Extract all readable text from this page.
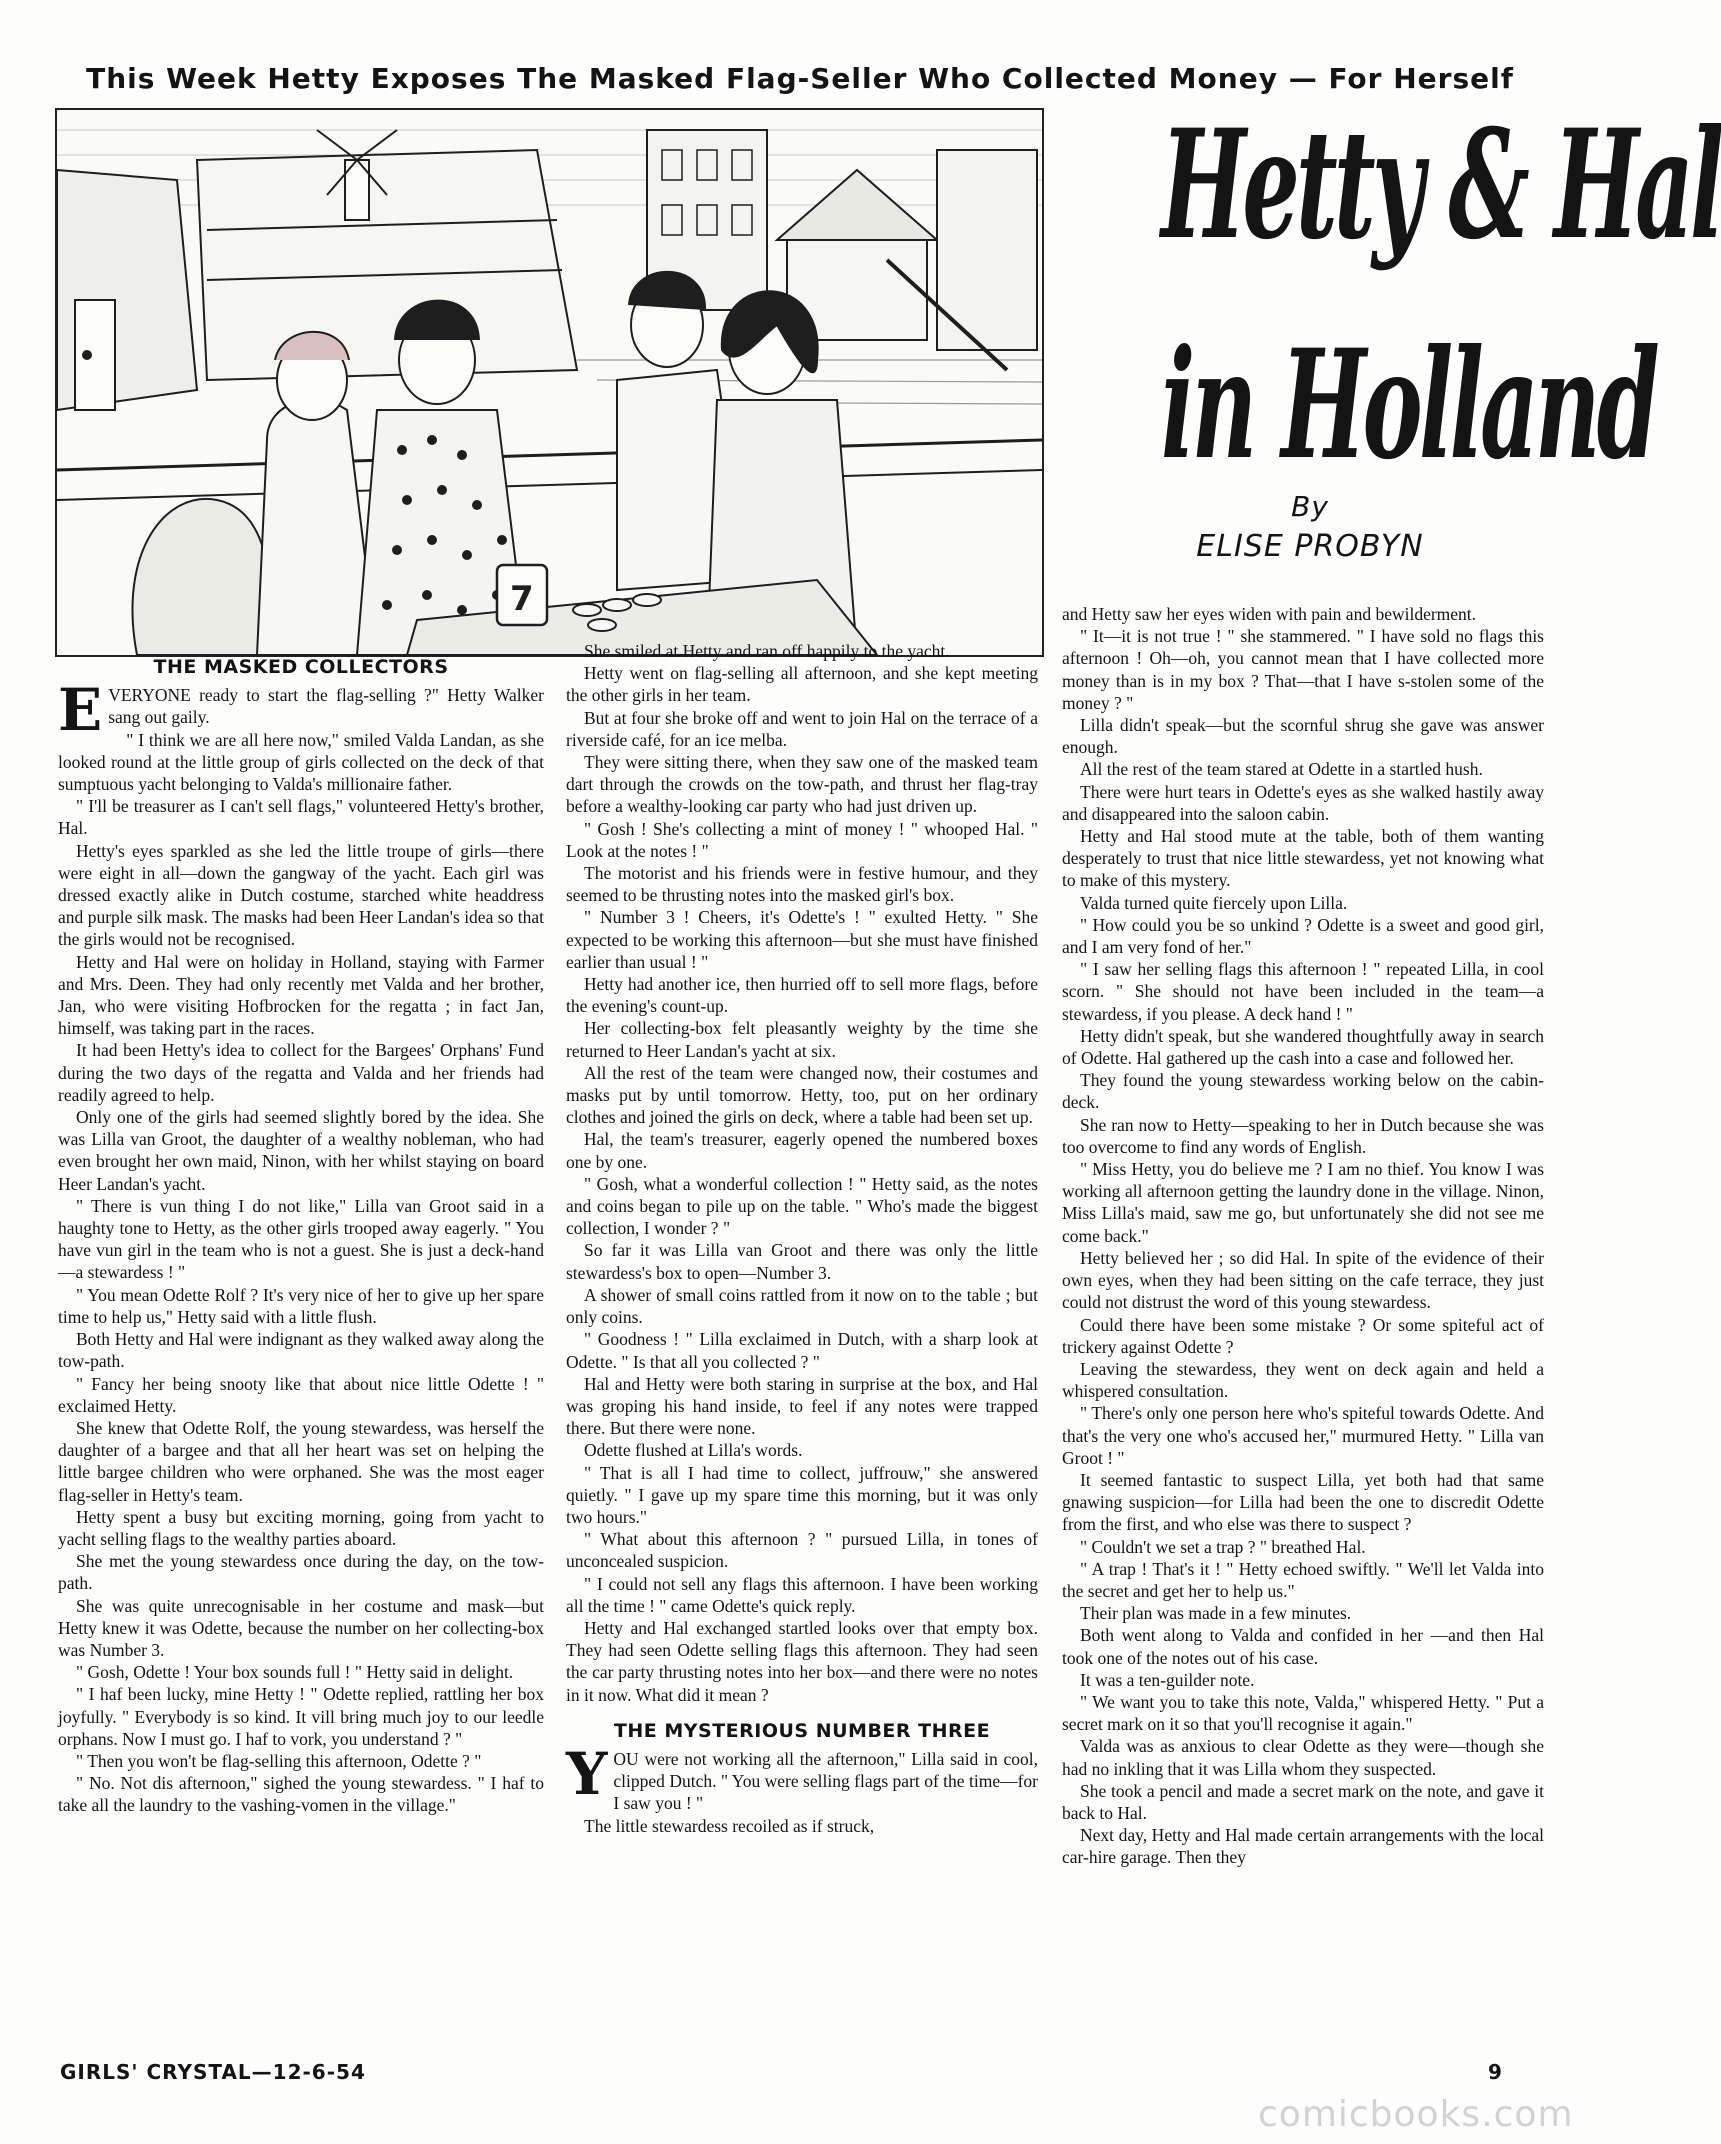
This Week Hetty Exposes The Masked Flag-Seller Who Collected Money — For Herself
7
Hetty & Hal
in Holland
By
ELISE PROBYN
THE MASKED COLLECTORS

EVERYONE ready to start the flag-selling ?" Hetty Walker sang out gaily.

" I think we are all here now," smiled Valda Landan, as she looked round at the little group of girls collected on the deck of that sumptuous yacht belonging to Valda's millionaire father.

" I'll be treasurer as I can't sell flags," volunteered Hetty's brother, Hal.

Hetty's eyes sparkled as she led the little troupe of girls—there were eight in all—down the gangway of the yacht. Each girl was dressed exactly alike in Dutch costume, starched white headdress and purple silk mask. The masks had been Heer Landan's idea so that the girls would not be recognised.

Hetty and Hal were on holiday in Holland, staying with Farmer and Mrs. Deen. They had only recently met Valda and her brother, Jan, who were visiting Hofbrocken for the regatta ; in fact Jan, himself, was taking part in the races.

It had been Hetty's idea to collect for the Bargees' Orphans' Fund during the two days of the regatta and Valda and her friends had readily agreed to help.

Only one of the girls had seemed slightly bored by the idea. She was Lilla van Groot, the daughter of a wealthy nobleman, who had even brought her own maid, Ninon, with her whilst staying on board Heer Landan's yacht.

" There is vun thing I do not like," Lilla van Groot said in a haughty tone to Hetty, as the other girls trooped away eagerly. " You have vun girl in the team who is not a guest. She is just a deck-hand—a stewardess ! "

" You mean Odette Rolf ? It's very nice of her to give up her spare time to help us," Hetty said with a little flush.

Both Hetty and Hal were indignant as they walked away along the tow-path.

" Fancy her being snooty like that about nice little Odette ! " exclaimed Hetty.

She knew that Odette Rolf, the young stewardess, was herself the daughter of a bargee and that all her heart was set on helping the little bargee children who were orphaned. She was the most eager flag-seller in Hetty's team.

Hetty spent a busy but exciting morning, going from yacht to yacht selling flags to the wealthy parties aboard.

She met the young stewardess once during the day, on the tow-path.

She was quite unrecognisable in her costume and mask—but Hetty knew it was Odette, because the number on her collecting-box was Number 3.

" Gosh, Odette ! Your box sounds full ! " Hetty said in delight.

" I haf been lucky, mine Hetty ! " Odette replied, rattling her box joyfully. " Everybody is so kind. It vill bring much joy to our leedle orphans. Now I must go. I haf to vork, you understand ? "

" Then you won't be flag-selling this afternoon, Odette ? "

" No. Not dis afternoon," sighed the young stewardess. " I haf to take all the laundry to the vashing-vomen in the village."

She smiled at Hetty and ran off happily to the yacht.

Hetty went on flag-selling all afternoon, and she kept meeting the other girls in her team.

But at four she broke off and went to join Hal on the terrace of a riverside café, for an ice melba.

They were sitting there, when they saw one of the masked team dart through the crowds on the tow-path, and thrust her flag-tray before a wealthy-looking car party who had just driven up.

" Gosh ! She's collecting a mint of money ! " whooped Hal. " Look at the notes ! "

The motorist and his friends were in festive humour, and they seemed to be thrusting notes into the masked girl's box.

" Number 3 ! Cheers, it's Odette's ! " exulted Hetty. " She expected to be working this afternoon—but she must have finished earlier than usual ! "

Hetty had another ice, then hurried off to sell more flags, before the evening's count-up.

Her collecting-box felt pleasantly weighty by the time she returned to Heer Landan's yacht at six.

All the rest of the team were changed now, their costumes and masks put by until tomorrow. Hetty, too, put on her ordinary clothes and joined the girls on deck, where a table had been set up.

Hal, the team's treasurer, eagerly opened the numbered boxes one by one.

" Gosh, what a wonderful collection ! " Hetty said, as the notes and coins began to pile up on the table. " Who's made the biggest collection, I wonder ? "

So far it was Lilla van Groot and there was only the little stewardess's box to open—Number 3.

A shower of small coins rattled from it now on to the table ; but only coins.

" Goodness ! " Lilla exclaimed in Dutch, with a sharp look at Odette. " Is that all you collected ? "

Hal and Hetty were both staring in surprise at the box, and Hal was groping his hand inside, to feel if any notes were trapped there. But there were none.

Odette flushed at Lilla's words.

" That is all I had time to collect, juffrouw," she answered quietly. " I gave up my spare time this morning, but it was only two hours."

" What about this afternoon ? " pursued Lilla, in tones of unconcealed suspicion.

" I could not sell any flags this afternoon. I have been working all the time ! " came Odette's quick reply.

Hetty and Hal exchanged startled looks over that empty box. They had seen Odette selling flags this afternoon. They had seen the car party thrusting notes into her box—and there were no notes in it now. What did it mean ?

THE MYSTERIOUS NUMBER THREE

YOU were not working all the afternoon," Lilla said in cool, clipped Dutch. " You were selling flags part of the time—for I saw you ! "

The little stewardess recoiled as if struck,

and Hetty saw her eyes widen with pain and bewilderment.

" It—it is not true ! " she stammered. " I have sold no flags this afternoon ! Oh—oh, you cannot mean that I have collected more money than is in my box ? That—that I have s-stolen some of the money ? "

Lilla didn't speak—but the scornful shrug she gave was answer enough.

All the rest of the team stared at Odette in a startled hush.

There were hurt tears in Odette's eyes as she walked hastily away and disappeared into the saloon cabin.

Hetty and Hal stood mute at the table, both of them wanting desperately to trust that nice little stewardess, yet not knowing what to make of this mystery.

Valda turned quite fiercely upon Lilla.

" How could you be so unkind ? Odette is a sweet and good girl, and I am very fond of her."

" I saw her selling flags this afternoon ! " repeated Lilla, in cool scorn. " She should not have been included in the team—a stewardess, if you please. A deck hand ! "

Hetty didn't speak, but she wandered thoughtfully away in search of Odette. Hal gathered up the cash into a case and followed her.

They found the young stewardess working below on the cabin-deck.

She ran now to Hetty—speaking to her in Dutch because she was too overcome to find any words of English.

" Miss Hetty, you do believe me ? I am no thief. You know I was working all afternoon getting the laundry done in the village. Ninon, Miss Lilla's maid, saw me go, but unfortunately she did not see me come back."

Hetty believed her ; so did Hal. In spite of the evidence of their own eyes, when they had been sitting on the cafe terrace, they just could not distrust the word of this young stewardess.

Could there have been some mistake ? Or some spiteful act of trickery against Odette ?

Leaving the stewardess, they went on deck again and held a whispered consultation.

" There's only one person here who's spiteful towards Odette. And that's the very one who's accused her," murmured Hetty. " Lilla van Groot ! "

It seemed fantastic to suspect Lilla, yet both had that same gnawing suspicion—for Lilla had been the one to discredit Odette from the first, and who else was there to suspect ?

" Couldn't we set a trap ? " breathed Hal.

" A trap ! That's it ! " Hetty echoed swiftly. " We'll let Valda into the secret and get her to help us."

Their plan was made in a few minutes.

Both went along to Valda and confided in her —and then Hal took one of the notes out of his case.

It was a ten-guilder note.

" We want you to take this note, Valda," whispered Hetty. " Put a secret mark on it so that you'll recognise it again."

Valda was as anxious to clear Odette as they were—though she had no inkling that it was Lilla whom they suspected.

She took a pencil and made a secret mark on the note, and gave it back to Hal.

Next day, Hetty and Hal made certain arrangements with the local car-hire garage. Then they

GIRLS' CRYSTAL—12-6-54	9
comicbooks.com
